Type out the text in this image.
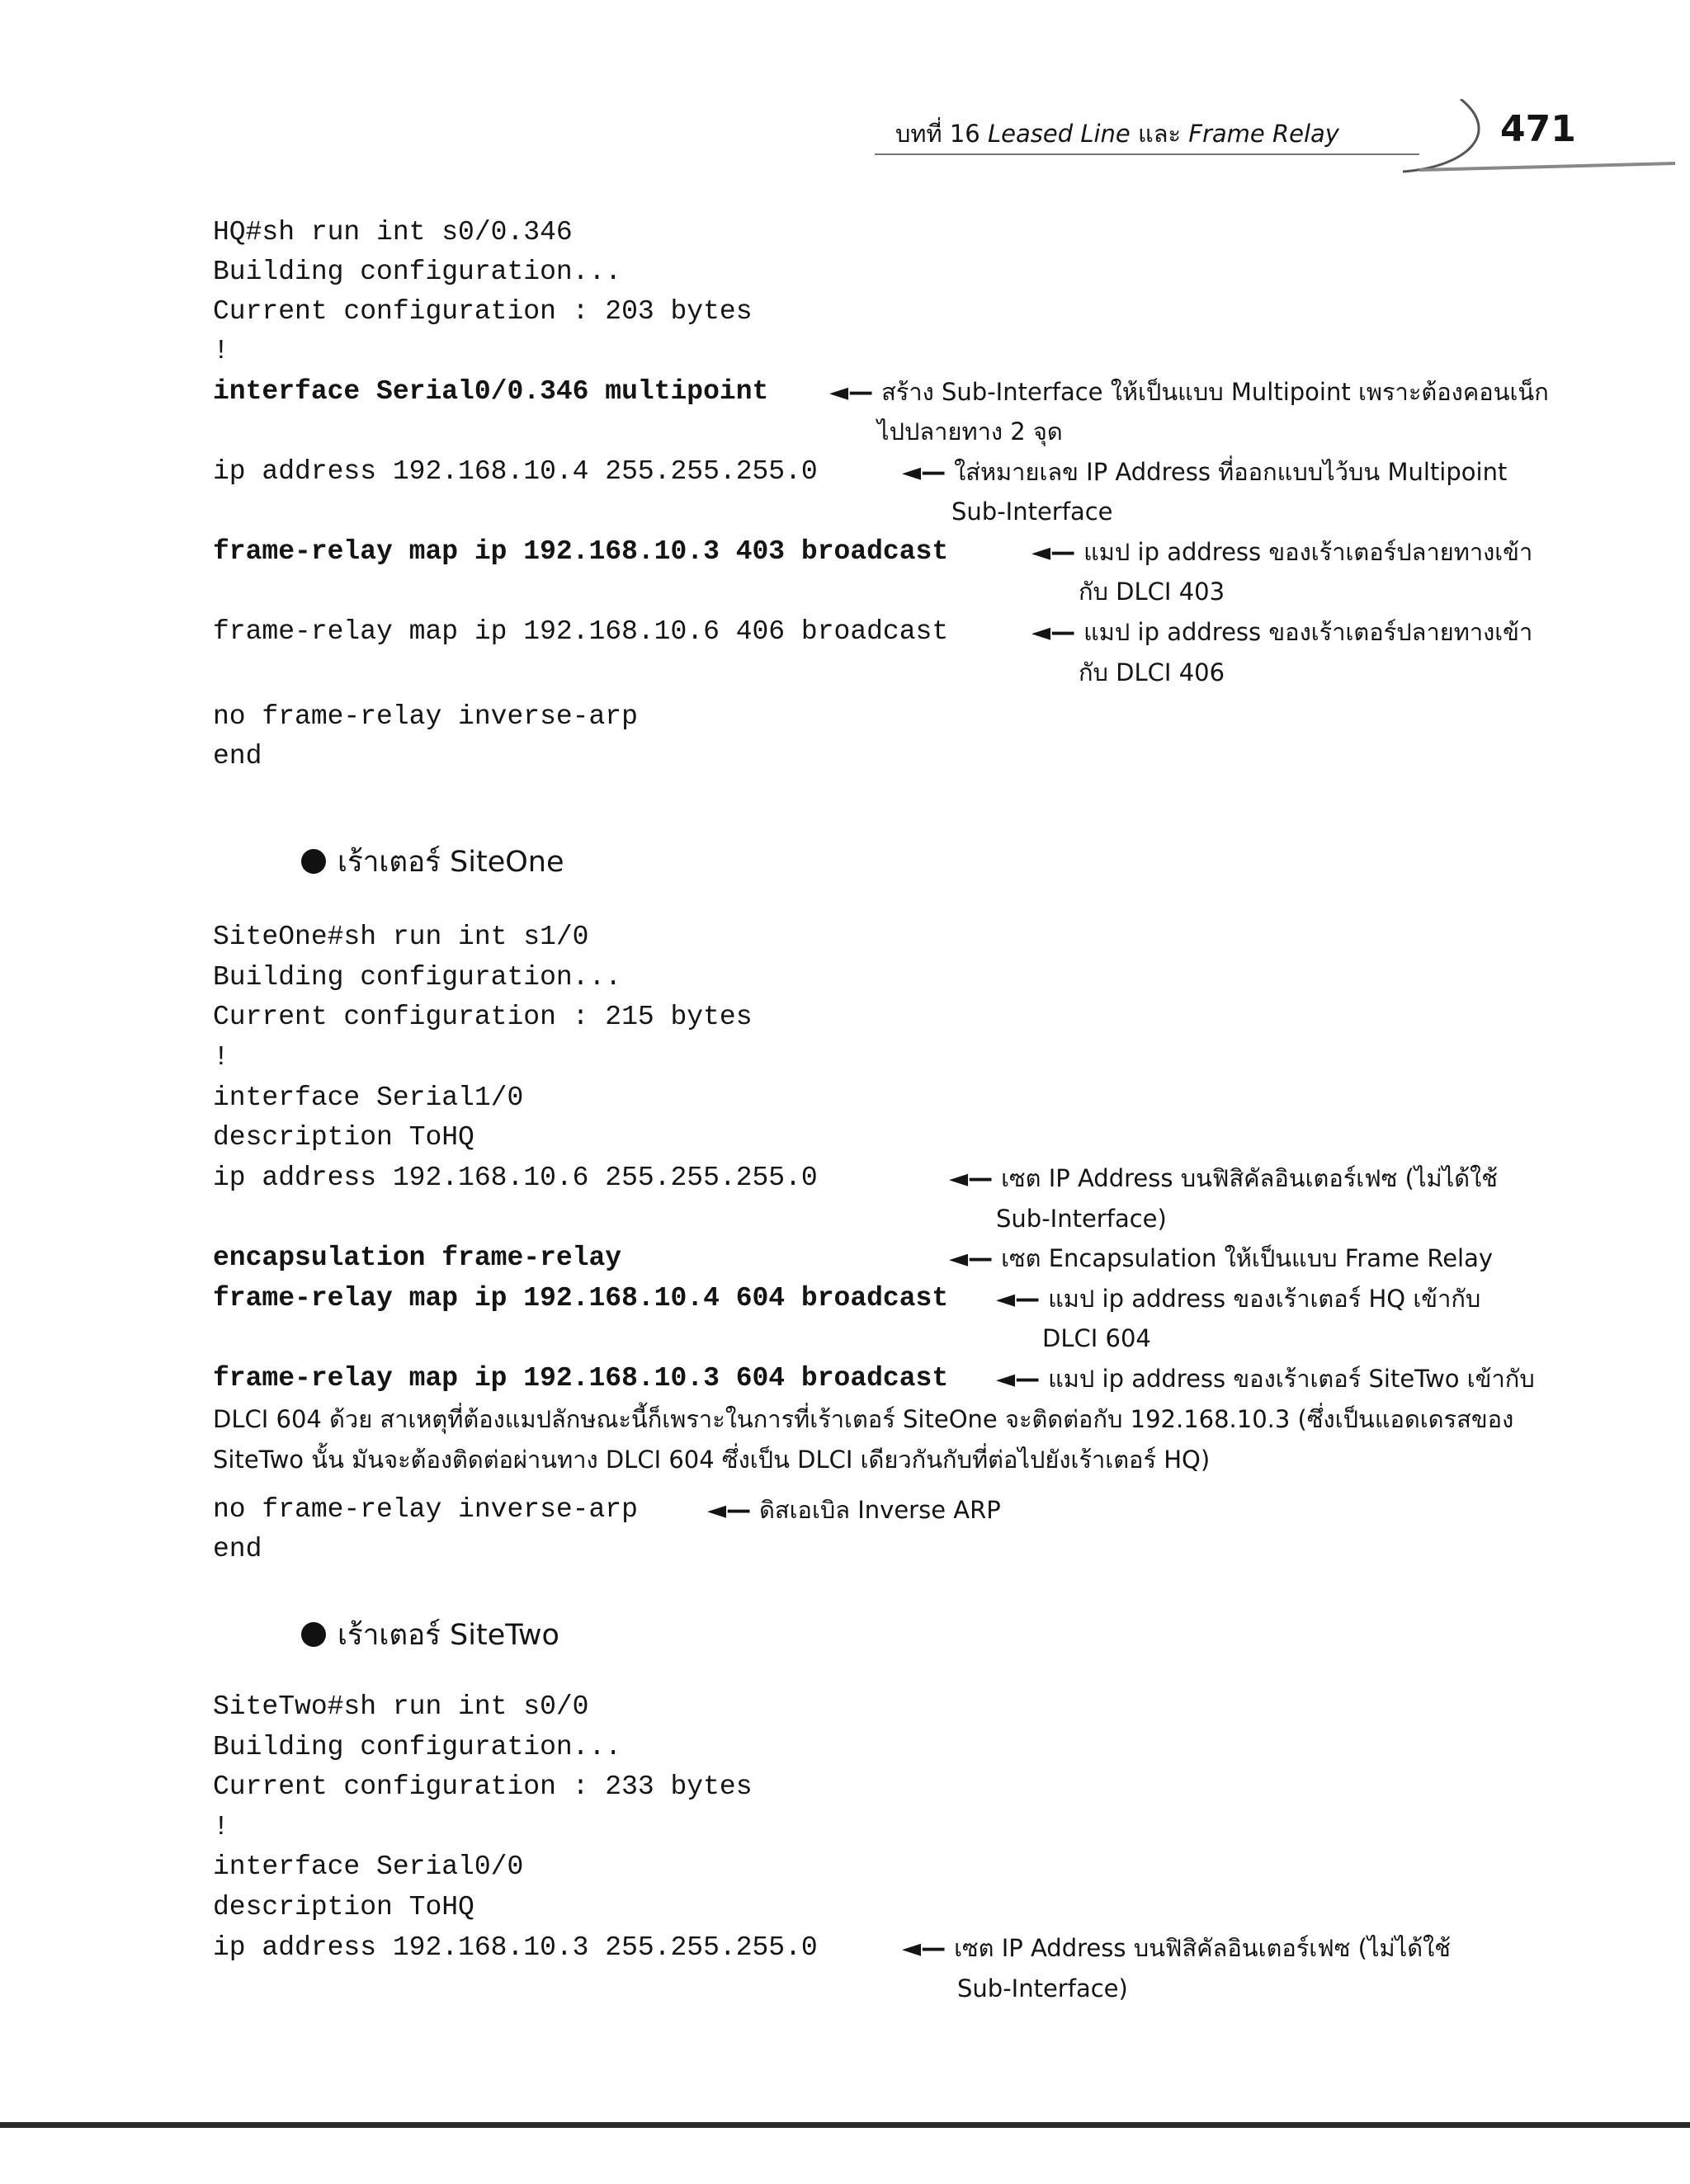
บทที่ 16 Leased Line และ Frame Relay	471
HQ#sh run int s0/0.346
Building configuration...
Current configuration : 203 bytes
!
interface Serial0/0.346 multipoint ◄— สร้าง Sub-Interface ให้เป็นแบบ Multipoint เพราะต้องคอนเน็ก
ไปปลายทาง 2 จุด
ip address 192.168.10.4 255.255.255.0	◄— ใส่หมายเลข IP Address ที่ออกแบบไว้บน Multipoint
Sub-Interface
frame-relay map ip 192.168.10.3 403 broadcast	◄— แมป ip address ของเร้าเตอร์ปลายทางเข้า
กับ DLCI 403
frame-relay map ip 192.168.10.6 406 broadcast	◄— แมป ip address ของเร้าเตอร์ปลายทางเข้า
กับ DLCI 406
no frame-relay inverse-arp
end
เร้าเตอร์ SiteOne
SiteOne#sh run int s1/0
Building configuration...
Current configuration : 215 bytes
!
interface Serial1/0
description ToHQ
ip address 192.168.10.6 255.255.255.0	◄— เซต IP Address บนฟิสิคัลอินเตอร์เฟซ (ไม่ได้ใช้
Sub-Interface)
encapsulation frame-relay	◄— เซต Encapsulation ให้เป็นแบบ Frame Relay
frame-relay map ip 192.168.10.4 604 broadcast ◄— แมป ip address ของเร้าเตอร์ HQ เข้ากับ
DLCI 604
frame-relay map ip 192.168.10.3 604 broadcast ◄— แมป ip address ของเร้าเตอร์ SiteTwo เข้ากับ
DLCI 604 ด้วย สาเหตุที่ต้องแมปลักษณะนี้ก็เพราะในการที่เร้าเตอร์ SiteOne จะติดต่อกับ 192.168.10.3 (ซึ่งเป็นแอดเดรสของ SiteTwo นั้น มันจะต้องติดต่อผ่านทาง DLCI 604 ซึ่งเป็น DLCI เดียวกันกับที่ต่อไปยังเร้าเตอร์ HQ)
no frame-relay inverse-arp	◄— ดิสเอเบิล Inverse ARP
end
เร้าเตอร์ SiteTwo
SiteTwo#sh run int s0/0
Building configuration...
Current configuration : 233 bytes
!
interface Serial0/0
description ToHQ
ip address 192.168.10.3 255.255.255.0	◄— เซต IP Address บนฟิสิคัลอินเตอร์เฟซ (ไม่ได้ใช้
Sub-Interface)
